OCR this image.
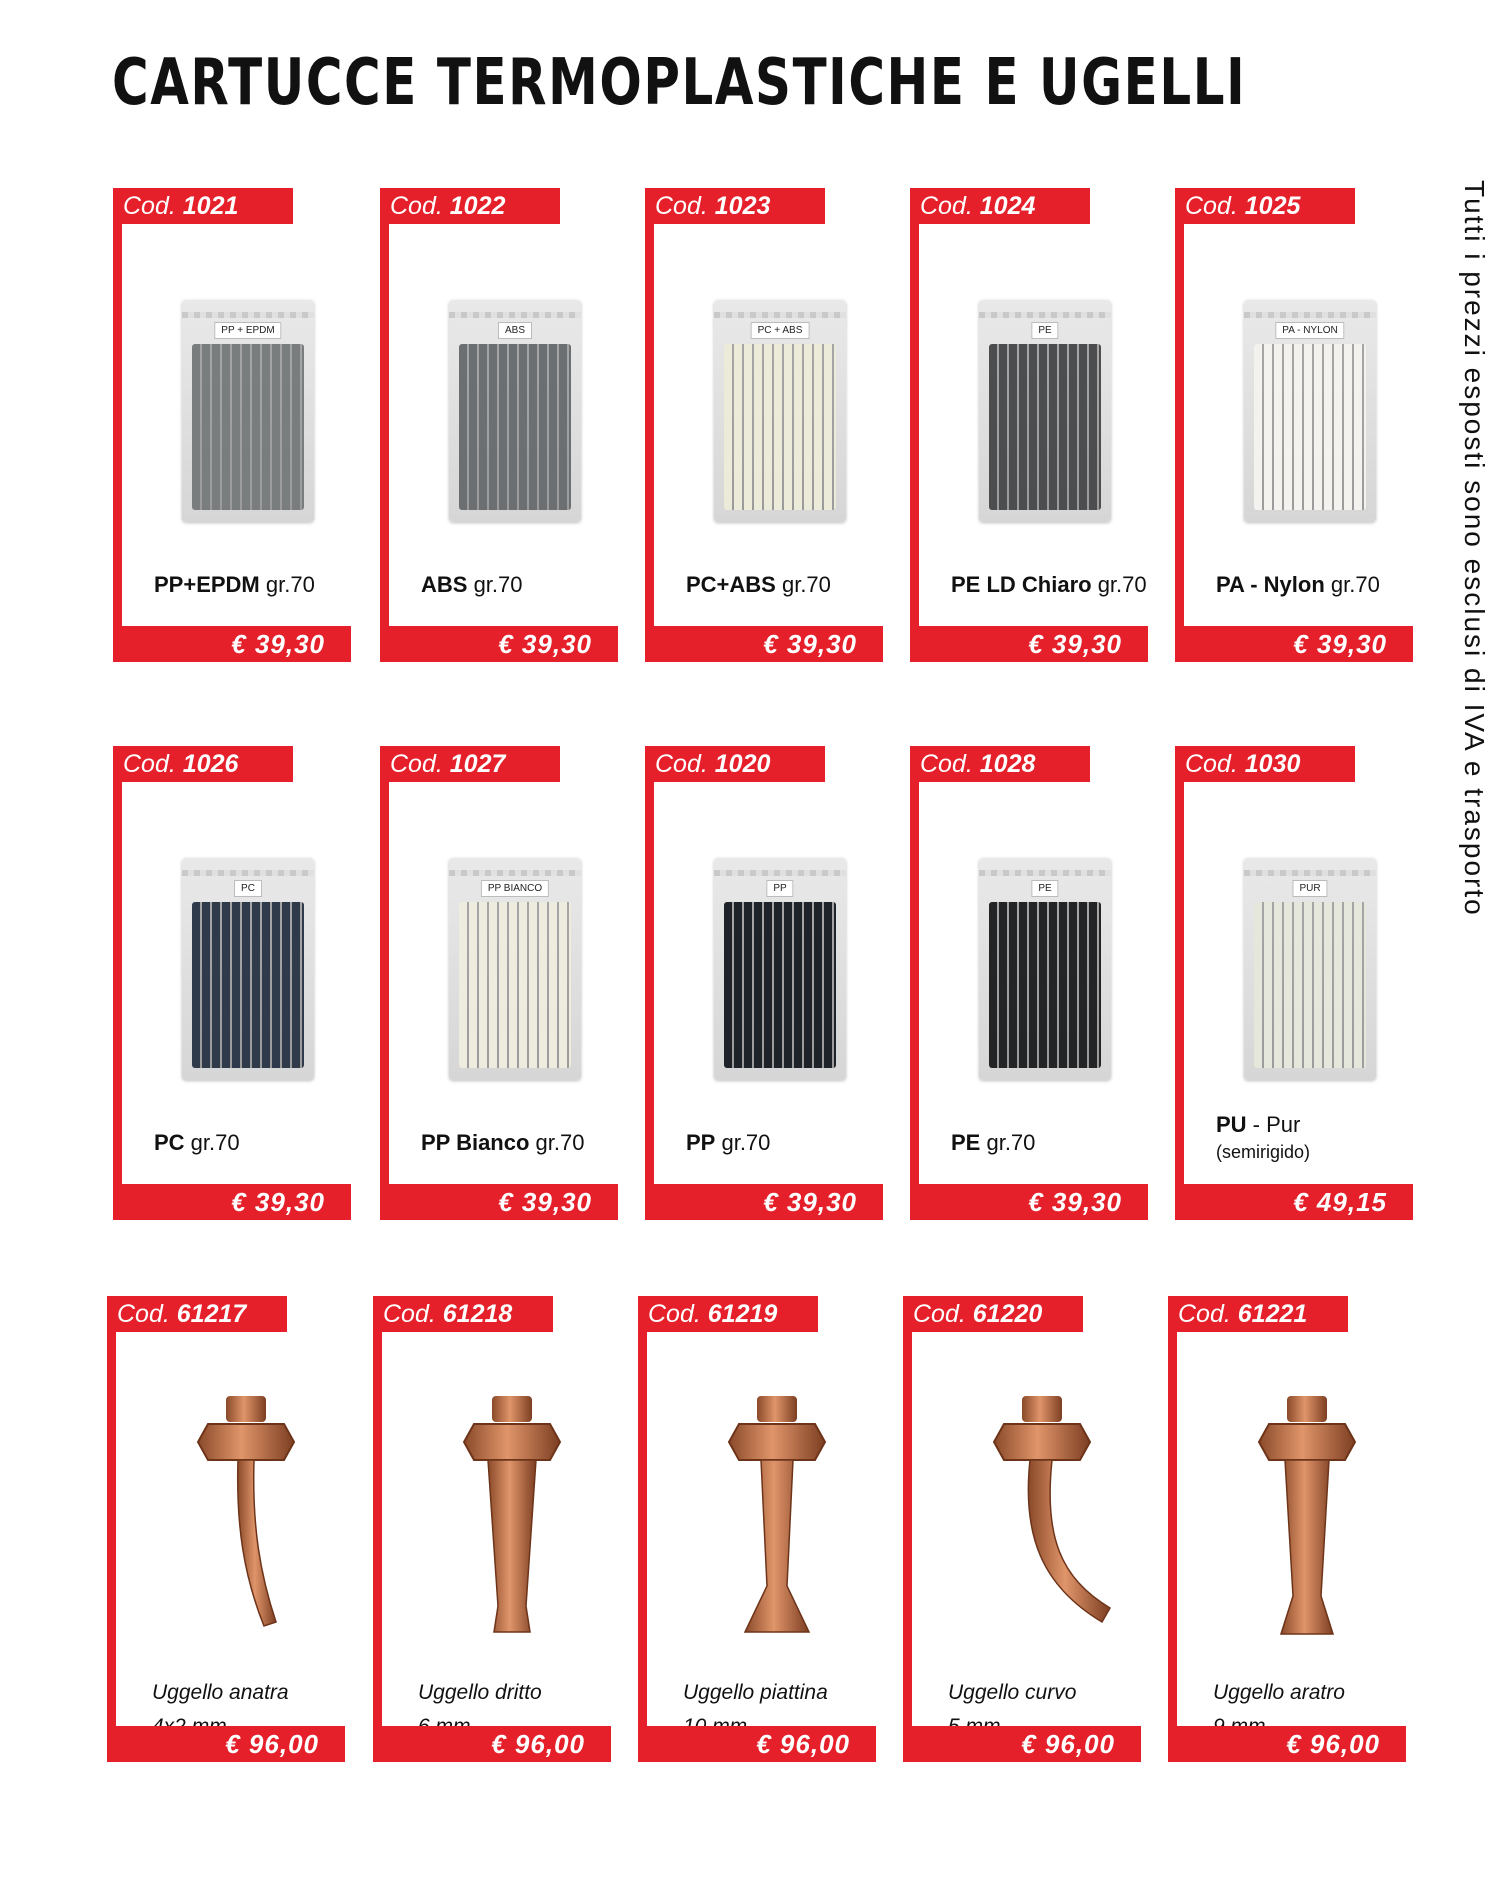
CARTUCCE TERMOPLASTICHE E UGELLI
Tutti i prezzi esposti sono esclusi di IVA e trasporto
Cod. 1021
PP + EPDM
PP+EPDM gr.70
€ 39,30
Cod. 1022
ABS
ABS gr.70
€ 39,30
Cod. 1023
PC + ABS
PC+ABS gr.70
€ 39,30
Cod. 1024
PE
PE LD Chiaro gr.70
€ 39,30
Cod. 1025
PA - NYLON
PA - Nylon gr.70
€ 39,30
Cod. 1026
PC
PC gr.70
€ 39,30
Cod. 1027
PP BIANCO
PP Bianco gr.70
€ 39,30
Cod. 1020
PP
PP gr.70
€ 39,30
Cod. 1028
PE
PE gr.70
€ 39,30
Cod. 1030
PUR
PU - Pur
(semirigido)
€ 49,15
Cod. 61217
Uggello anatra

€ 96,00
Cod. 61218
Uggello dritto

€ 96,00
Cod. 61219
Uggello piattina

€ 96,00
Cod. 61220
Uggello curvo

€ 96,00
Cod. 61221
Uggello aratro

€ 96,00
